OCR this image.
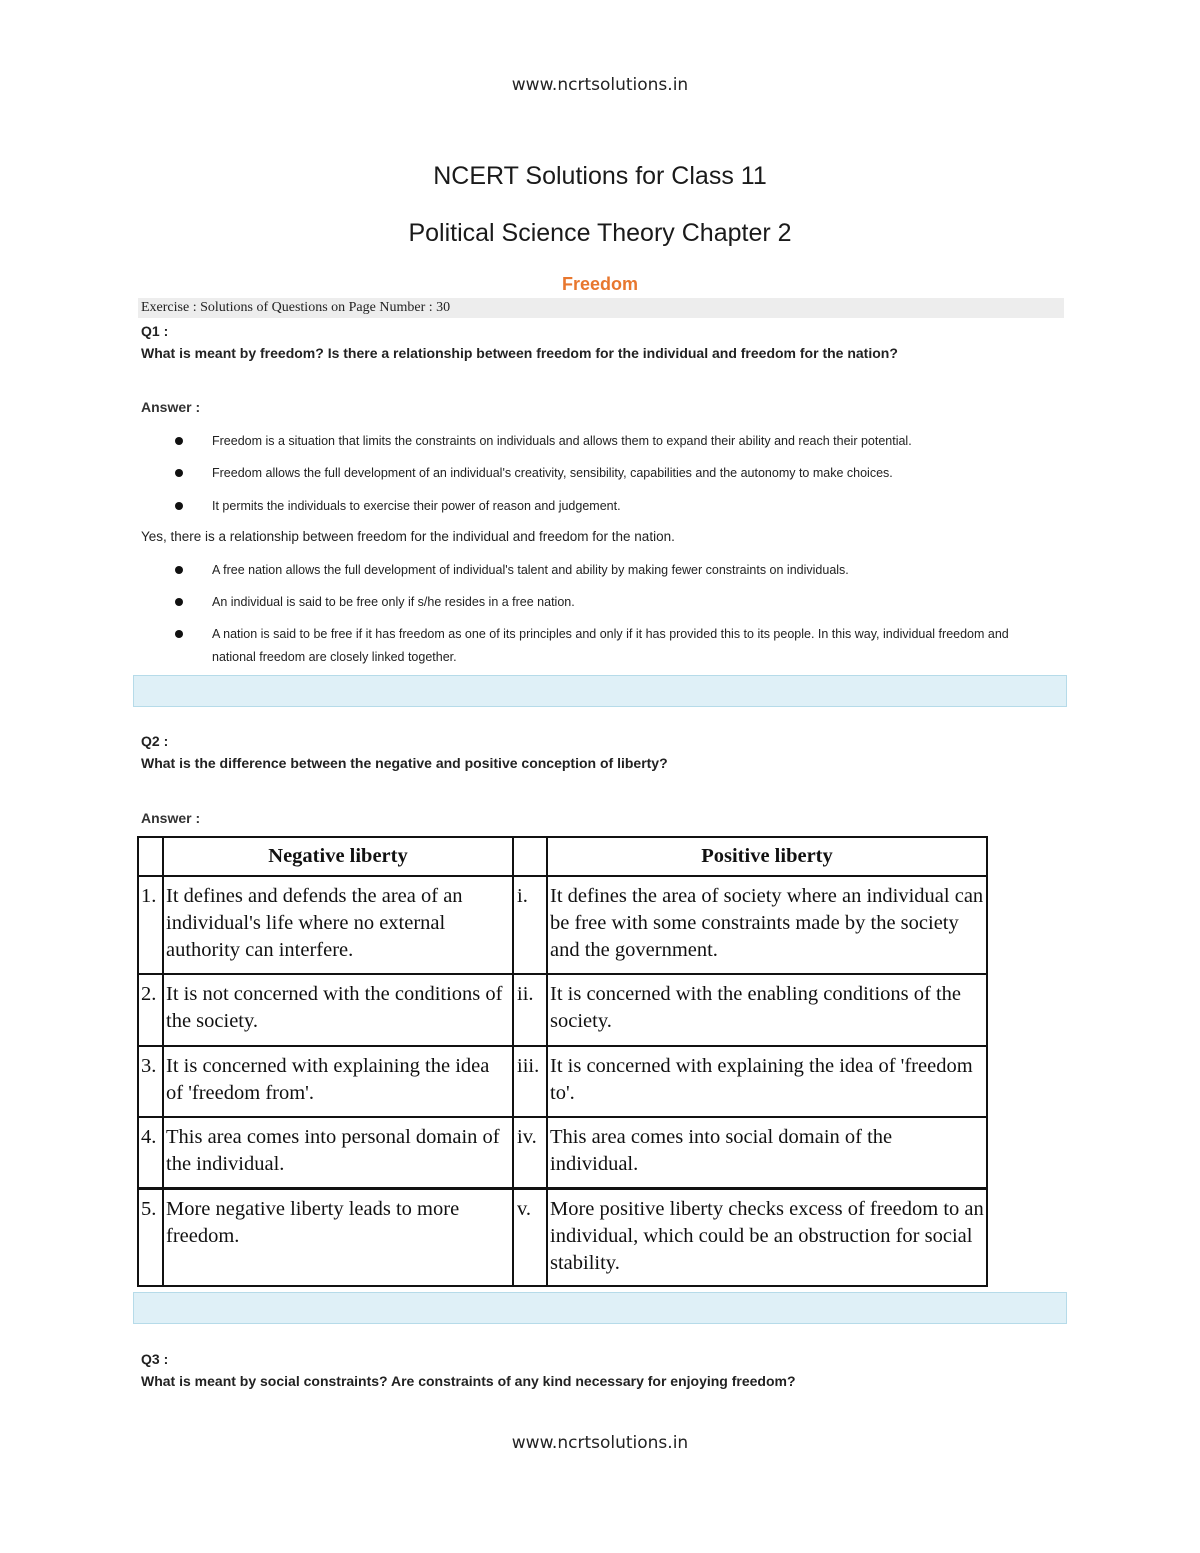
www.ncrtsolutions.in
NCERT Solutions for Class 11
Political Science Theory Chapter 2
Freedom
Exercise : Solutions of Questions on Page Number : 30
Q1 :
What is meant by freedom? Is there a relationship between freedom for the individual and freedom for the nation?
Answer :
Freedom is a situation that limits the constraints on individuals and allows them to expand their ability and reach their potential.
Freedom allows the full development of an individual's creativity, sensibility, capabilities and the autonomy to make choices.
It permits the individuals to exercise their power of reason and judgement.
Yes, there is a relationship between freedom for the individual and freedom for the nation.
A free nation allows the full development of individual's talent and ability by making fewer constraints on individuals.
An individual is said to be free only if s/he resides in a free nation.
A nation is said to be free if it has freedom as one of its principles and only if it has provided this to its people. In this way, individual freedom and national freedom are closely linked together.
Q2 :
What is the difference between the negative and positive conception of liberty?
Answer :
	Negative liberty		Positive liberty
1.	It defines and defends the area of an individual's life where no external authority can interfere.	i.	It defines the area of society where an individual can be free with some constraints made by the society and the government.
2.	It is not concerned with the conditions of the society.	ii.	It is concerned with the enabling conditions of the society.
3.	It is concerned with explaining the idea of 'freedom from'.	iii.	It is concerned with explaining the idea of 'freedom to'.
4.	This area comes into personal domain of the individual.	iv.	This area comes into social domain of the individual.
5.	More negative liberty leads to more freedom.	v.	More positive liberty checks excess of freedom to an individual, which could be an obstruction for social stability.
Q3 :
What is meant by social constraints? Are constraints of any kind necessary for enjoying freedom?
www.ncrtsolutions.in
